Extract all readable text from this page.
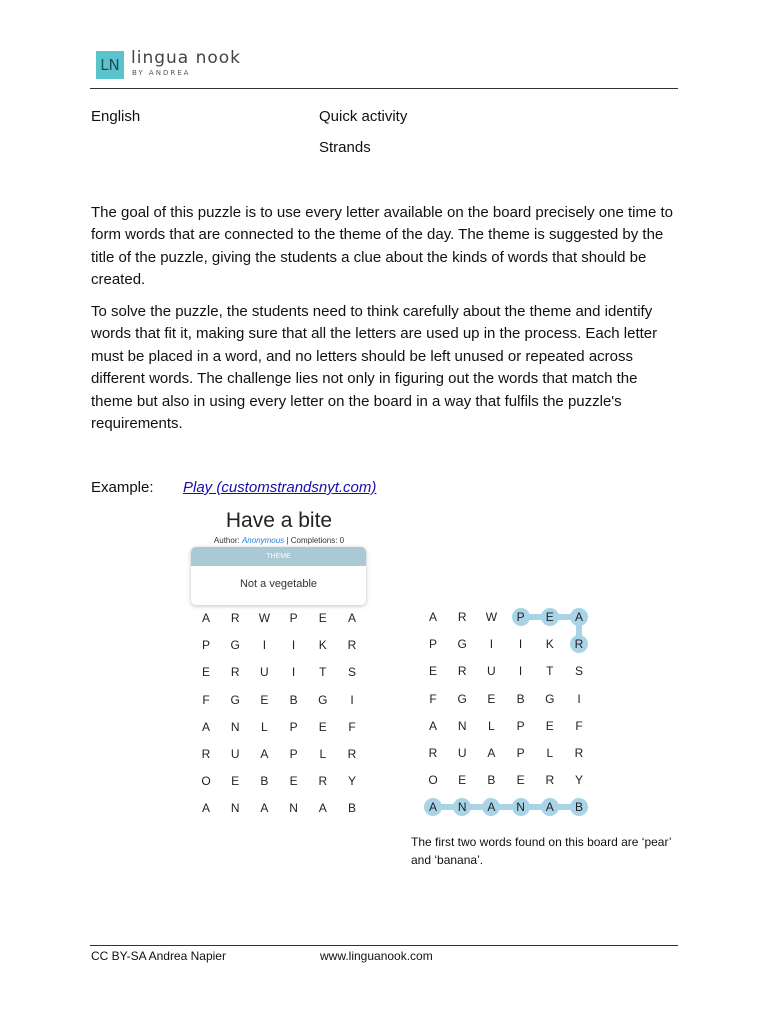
LN lingua nook
BY ANDREA
English	Quick activity
Strands

The goal of this puzzle is to use every letter available on the board precisely one time to form words that are connected to the theme of the day. The theme is suggested by the title of the puzzle, giving the students a clue about the kinds of words that should be created.

To solve the puzzle, the students need to think carefully about the theme and identify words that fit it, making sure that all the letters are used up in the process. Each letter must be placed in a word, and no letters should be left unused or repeated across different words. The challenge lies not only in figuring out the words that match the theme but also in using every letter on the board in a way that fulfils the puzzle's requirements.

Example: Play (customstrandsnyt.com)
Have a bite
Author: Anonymous | Completions: 0
THEME
Not a vegetable
The first two words found on this board are ‘pear’ and ‘banana’.
CC BY-SA Andrea Napier	www.linguanook.com
A	R	W	P	E	A
P	G	I	I	K	R
E	R	U	I	T	S
F	G	E	B	G	I
A	N	L	P	E	F
R	U	A	P	L	R
O	E	B	E	R	Y
A	N	A	N	A	B
A	R	W	P	E	A
P	G	I	I	K	R
E	R	U	I	T	S
F	G	E	B	G	I
A	N	L	P	E	F
R	U	A	P	L	R
O	E	B	E	R	Y
A	N	A	N	A	B
